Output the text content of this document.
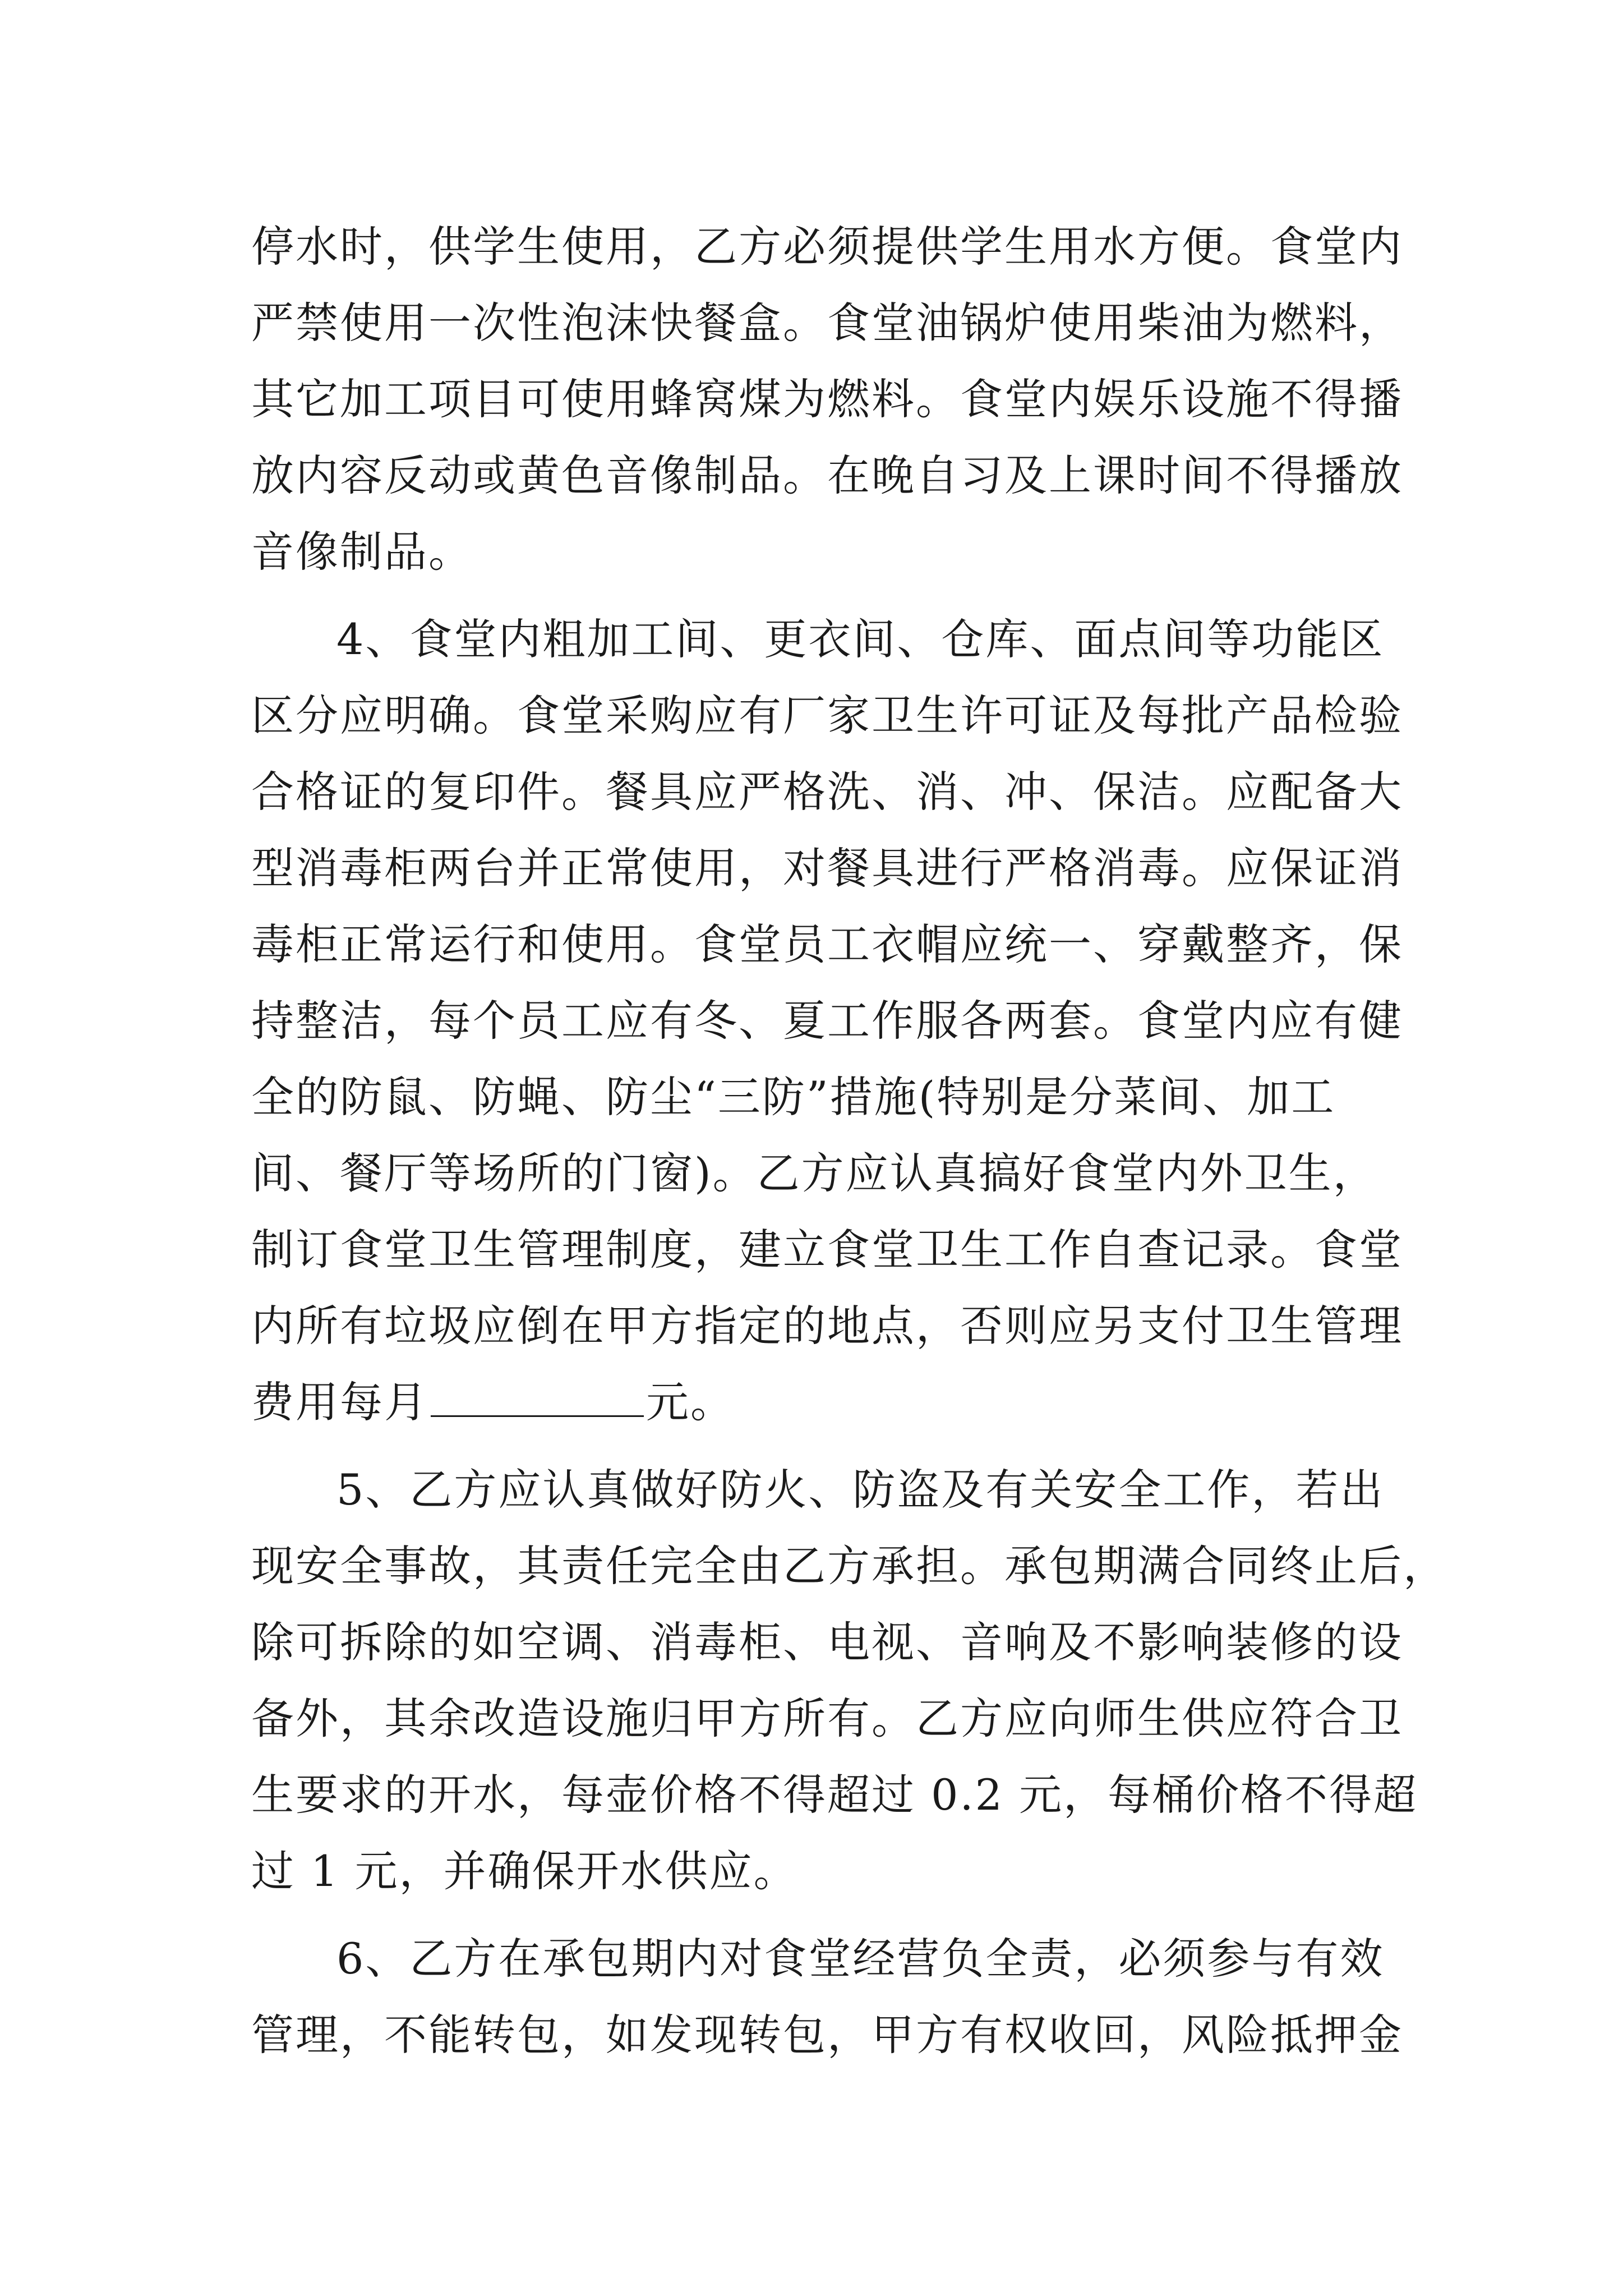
停水时，供学生使用，乙方必须提供学生用水方便。食堂内
严禁使用一次性泡沫快餐盒。食堂油锅炉使用柴油为燃料，
其它加工项目可使用蜂窝煤为燃料。食堂内娱乐设施不得播
放内容反动或黄色音像制品。在晚自习及上课时间不得播放
音像制品。
4、食堂内粗加工间、更衣间、仓库、面点间等功能区
区分应明确。食堂采购应有厂家卫生许可证及每批产品检验
合格证的复印件。餐具应严格洗、消、冲、保洁。应配备大
型消毒柜两台并正常使用，对餐具进行严格消毒。应保证消
毒柜正常运行和使用。食堂员工衣帽应统一、穿戴整齐，保
持整洁，每个员工应有冬、夏工作服各两套。食堂内应有健
全的防鼠、防蝇、防尘“三防”措施(特别是分菜间、加工
间、餐厅等场所的门窗)。乙方应认真搞好食堂内外卫生，
制订食堂卫生管理制度，建立食堂卫生工作自查记录。食堂
内所有垃圾应倒在甲方指定的地点，否则应另支付卫生管理
费用每月	元。
5、乙方应认真做好防火、防盗及有关安全工作，若出
现安全事故，其责任完全由乙方承担。承包期满合同终止后，
除可拆除的如空调、消毒柜、电视、音响及不影响装修的设
备外，其余改造设施归甲方所有。乙方应向师生供应符合卫
生要求的开水，每壶价格不得超过 0.2 元，每桶价格不得超
过 1 元，并确保开水供应。
6、乙方在承包期内对食堂经营负全责，必须参与有效
管理，不能转包，如发现转包，甲方有权收回，风险抵押金
